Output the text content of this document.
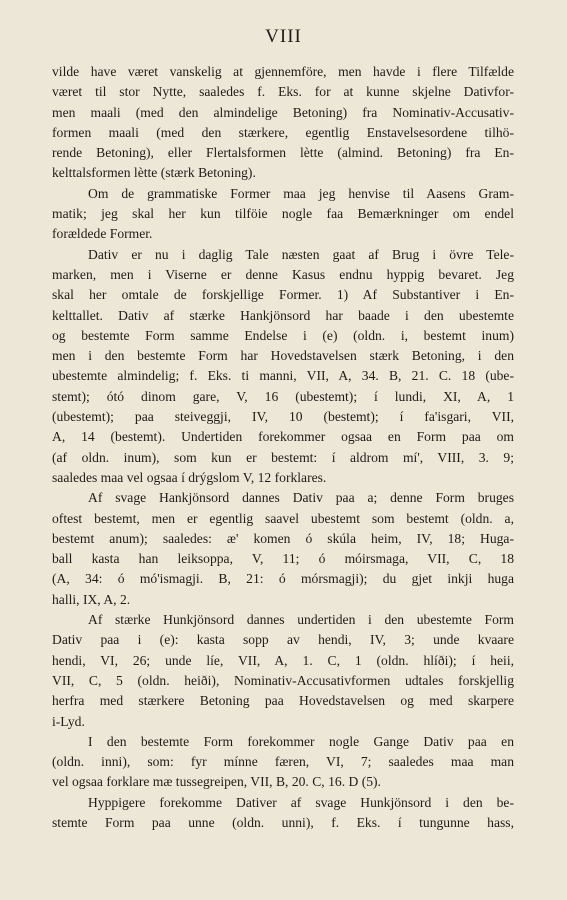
VIII
vilde have været vanskelig at gjennemföre, men havde i flere Tilfælde
været til stor Nytte, saaledes f. Eks. for at kunne skjelne Dativfor-
men maali (med den almindelige Betoning) fra Nominativ-Accusativ-
formen maali (med den stærkere, egentlig Enstavelsesordene tilhö-
rende Betoning), eller Flertalsformen lètte (almind. Betoning) fra En-
kelttalsformen lètte (stærk Betoning).
Om de grammatiske Former maa jeg henvise til Aasens Gram-
matik; jeg skal her kun tilföie nogle faa Bemærkninger om endel
forældede Former.
Dativ er nu i daglig Tale næsten gaat af Brug i övre Tele-
marken, men i Viserne er denne Kasus endnu hyppig bevaret. Jeg
skal her omtale de forskjellige Former. 1) Af Substantiver i En-
kelttallet. Dativ af stærke Hankjönsord har baade i den ubestemte
og bestemte Form samme Endelse i (e) (oldn. i, bestemt inum)
men i den bestemte Form har Hovedstavelsen stærk Betoning, i den
ubestemte almindelig; f. Eks. ti manni, VII, A, 34. B, 21. C. 18 (ube-
stemt); ótó dinom gare, V, 16 (ubestemt); í lundi, XI, A, 1
(ubestemt); paa steiveggji, IV, 10 (bestemt); í fa'isgari, VII,
A, 14 (bestemt). Undertiden forekommer ogsaa en Form paa om
(af oldn. inum), som kun er bestemt: í aldrom mí', VIII, 3. 9;
saaledes maa vel ogsaa í drýgslom V, 12 forklares.
Af svage Hankjönsord dannes Dativ paa a; denne Form bruges
oftest bestemt, men er egentlig saavel ubestemt som bestemt (oldn. a,
bestemt anum); saaledes: æ' komen ó skúla heim, IV, 18; Huga-
ball kasta han leiksoppa, V, 11; ó móirsmaga, VII, C, 18
(A, 34: ó mó'ismagji. B, 21: ó mórsmagji); du gjet inkji huga
halli, IX, A, 2.
Af stærke Hunkjönsord dannes undertiden i den ubestemte Form
Dativ paa i (e): kasta sopp av hendi, IV, 3; unde kvaare
hendi, VI, 26; unde líe, VII, A, 1. C, 1 (oldn. hlíði); í heii,
VII, C, 5 (oldn. heiði), Nominativ-Accusativformen udtales forskjellig
herfra med stærkere Betoning paa Hovedstavelsen og med skarpere
i-Lyd.
I den bestemte Form forekommer nogle Gange Dativ paa en
(oldn. inni), som: fyr mínne færen, VI, 7; saaledes maa man
vel ogsaa forklare mæ tussegreipen, VII, B, 20. C, 16. D (5).
Hyppigere forekomme Dativer af svage Hunkjönsord i den be-
stemte Form paa unne (oldn. unni), f. Eks. í tungunne hass,
